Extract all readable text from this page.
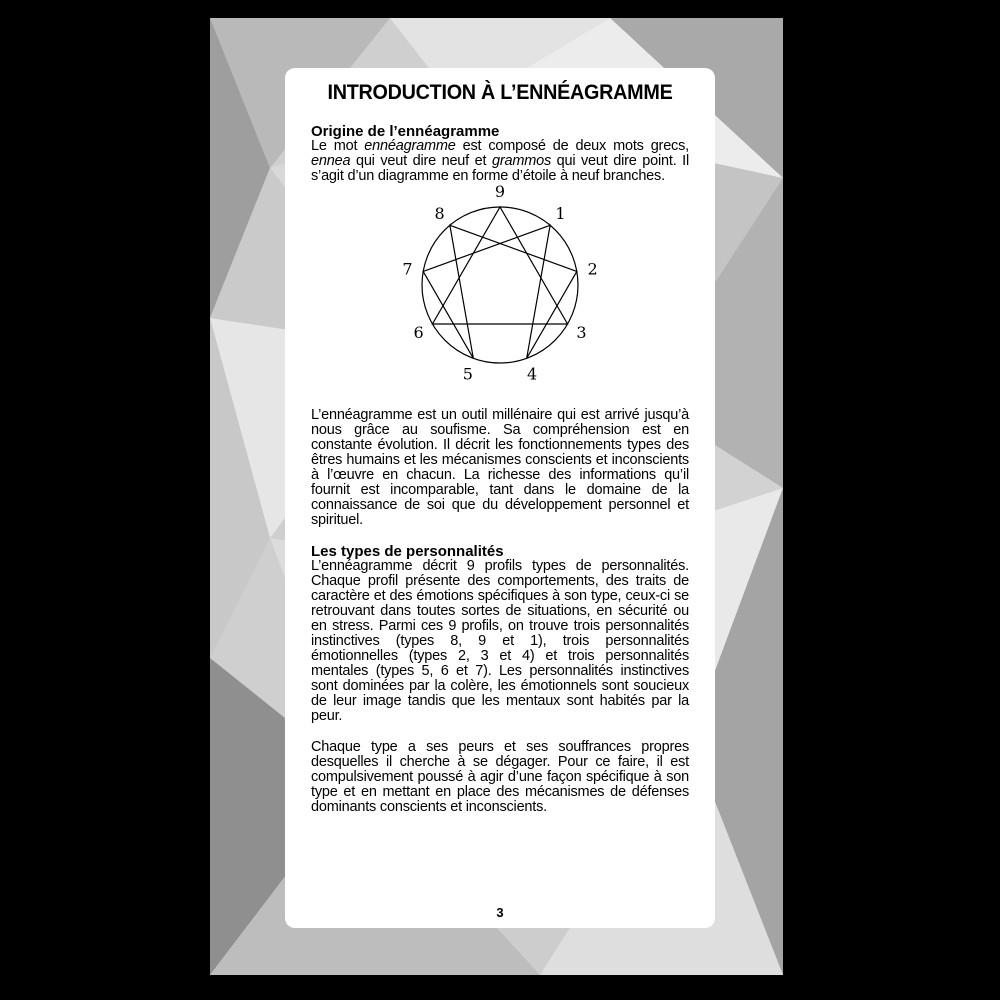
INTRODUCTION À L’ENNÉAGRAMME
Origine de l’ennéagramme

Le mot ennéagramme est composé de deux mots grecs, ennea qui veut dire neuf et grammos qui veut dire point. Il s’agit d’un diagramme en forme d’étoile à neuf branches.

1
2
3
4
5
6
7
8
9

L’ennéagramme est un outil millénaire qui est arrivé jusqu’à nous grâce au soufisme. Sa compréhension est en constante évolution. Il décrit les fonctionnements types des êtres humains et les mécanismes conscients et inconscients à l’œuvre en chacun. La richesse des informations qu’il fournit est incomparable, tant dans le domaine de la connaissance de soi que du développement personnel et spirituel.

Les types de personnalités

L’ennéagramme décrit 9 profils types de personnalités. Chaque profil présente des comportements, des traits de caractère et des émotions spécifiques à son type, ceux-ci se retrouvant dans toutes sortes de situations, en sécurité ou en stress. Parmi ces 9 profils, on trouve trois personnalités instinctives (types 8, 9 et 1), trois personnalités émotionnelles (types 2, 3 et 4) et trois personnalités mentales (types 5, 6 et 7). Les personnalités instinctives sont dominées par la colère, les émotionnels sont soucieux de leur image tandis que les mentaux sont habités par la peur.

Chaque type a ses peurs et ses souffrances propres desquelles il cherche à se dégager. Pour ce faire, il est compulsivement poussé à agir d’une façon spécifique à son type et en mettant en place des mécanismes de défenses dominants conscients et inconscients.

3
